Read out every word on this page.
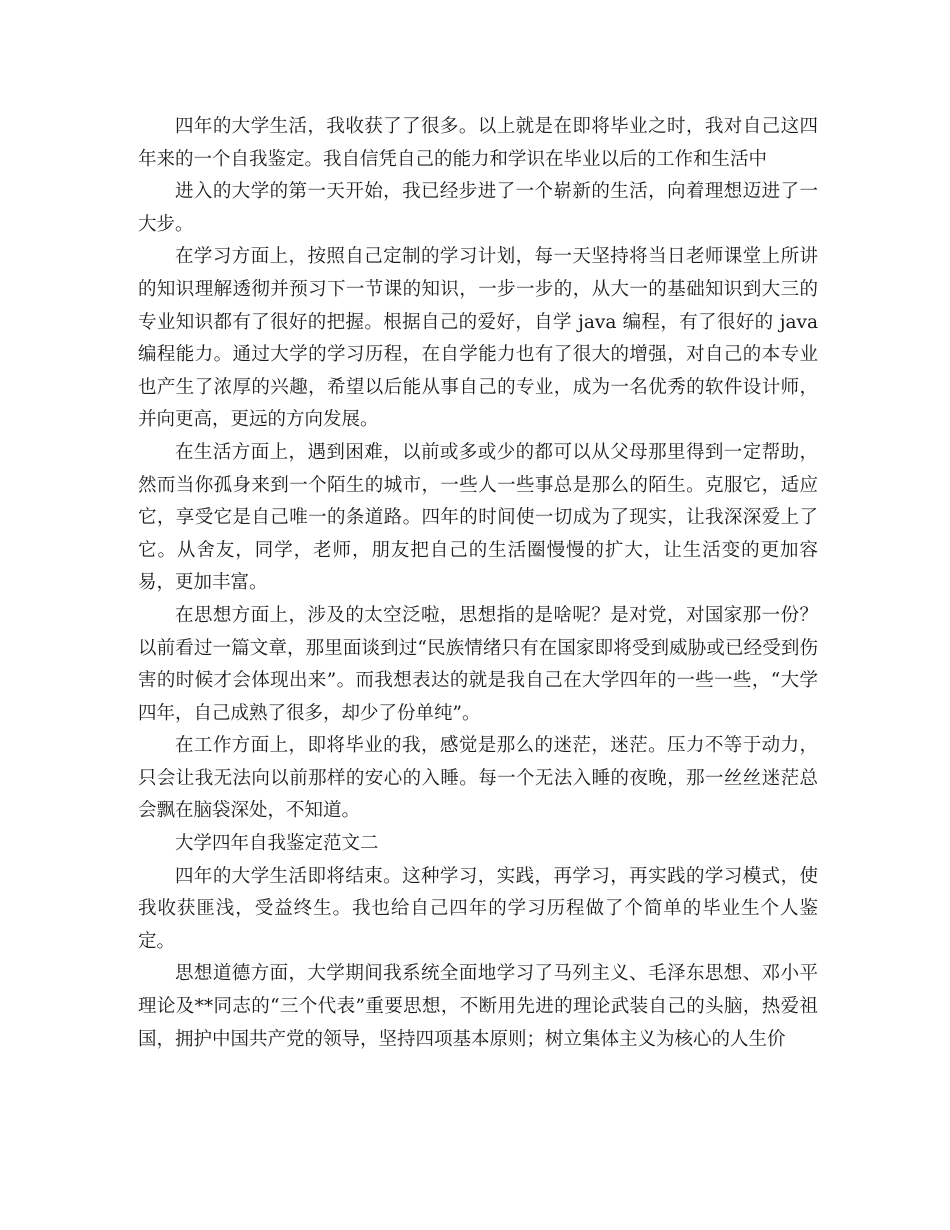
四年的大学生活，我收获了了很多。以上就是在即将毕业之时，我对自己这四年来的一个自我鉴定。我自信凭自己的能力和学识在毕业以后的工作和生活中

进入的大学的第一天开始，我已经步进了一个崭新的生活，向着理想迈进了一大步。

在学习方面上，按照自己定制的学习计划，每一天坚持将当日老师课堂上所讲的知识理解透彻并预习下一节课的知识，一步一步的，从大一的基础知识到大三的专业知识都有了很好的把握。根据自己的爱好，自学 java 编程，有了很好的 java 编程能力。通过大学的学习历程，在自学能力也有了很大的增强，对自己的本专业也产生了浓厚的兴趣，希望以后能从事自己的专业，成为一名优秀的软件设计师，并向更高，更远的方向发展。

在生活方面上，遇到困难，以前或多或少的都可以从父母那里得到一定帮助，然而当你孤身来到一个陌生的城市，一些人一些事总是那么的陌生。克服它，适应它，享受它是自己唯一的条道路。四年的时间使一切成为了现实，让我深深爱上了它。从舍友，同学，老师，朋友把自己的生活圈慢慢的扩大，让生活变的更加容易，更加丰富。

在思想方面上，涉及的太空泛啦，思想指的是啥呢？是对党，对国家那一份？以前看过一篇文章，那里面谈到过“民族情绪只有在国家即将受到威胁或已经受到伤害的时候才会体现出来”。而我想表达的就是我自己在大学四年的一些一些，“大学四年，自己成熟了很多，却少了份单纯”。

在工作方面上，即将毕业的我，感觉是那么的迷茫，迷茫。压力不等于动力，只会让我无法向以前那样的安心的入睡。每一个无法入睡的夜晚，那一丝丝迷茫总会飘在脑袋深处，不知道。

大学四年自我鉴定范文二

四年的大学生活即将结束。这种学习，实践，再学习，再实践的学习模式，使我收获匪浅，受益终生。我也给自己四年的学习历程做了个简单的毕业生个人鉴定。

思想道德方面，大学期间我系统全面地学习了马列主义、毛泽东思想、邓小平理论及**同志的“三个代表”重要思想，不断用先进的理论武装自己的头脑，热爱祖国，拥护中国共产党的领导，坚持四项基本原则；树立集体主义为核心的人生价
